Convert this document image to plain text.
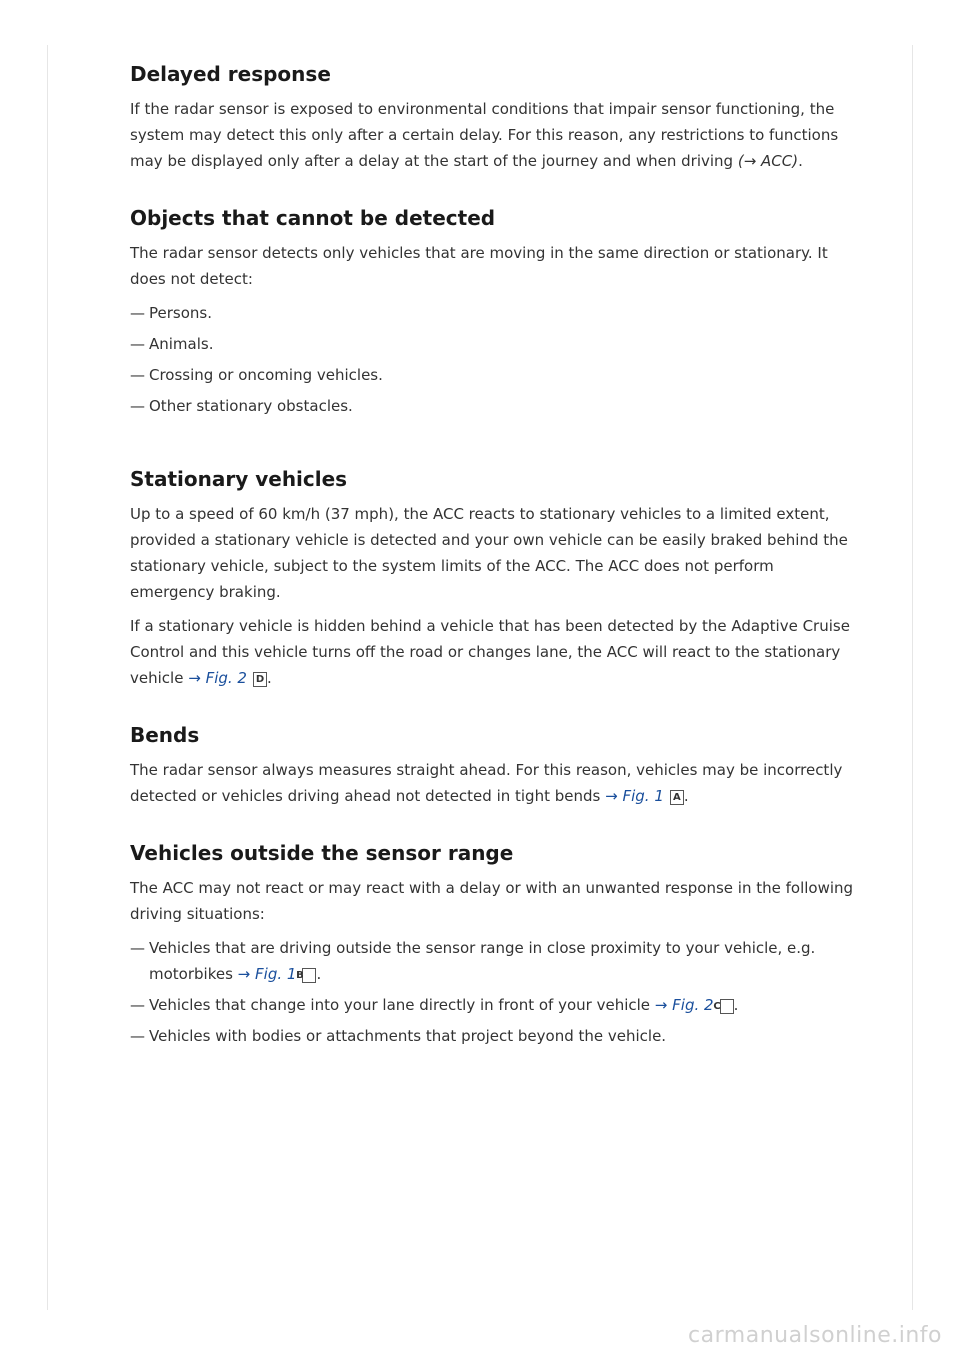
Delayed response

If the radar sensor is exposed to environmental conditions that impair sensor functioning, the system may detect this only after a certain delay. For this reason, any restrictions to functions may be displayed only after a delay at the start of the journey and when driving (→ ACC).

Objects that cannot be detected

The radar sensor detects only vehicles that are moving in the same direction or stationary. It does not detect:

— Persons.
— Animals.
— Crossing or oncoming vehicles.
— Other stationary obstacles.
Stationary vehicles

Up to a speed of 60 km/h (37 mph), the ACC reacts to stationary vehicles to a limited extent, provided a stationary vehicle is detected and your own vehicle can be easily braked behind the stationary vehicle, subject to the system limits of the ACC. The ACC does not perform emergency braking.

If a stationary vehicle is hidden behind a vehicle that has been detected by the Adaptive Cruise Control and this vehicle turns off the road or changes lane, the ACC will react to the stationary vehicle → Fig. 2 D .

Bends

The radar sensor always measures straight ahead. For this reason, vehicles may be incorrectly detected or vehicles driving ahead not detected in tight bends → Fig. 1 A .

Vehicles outside the sensor range

The ACC may not react or may react with a delay or with an unwanted response in the following driving situations:

— Vehicles that are driving outside the sensor range in close proximity to your vehicle, e.g. motorbikes → Fig. 1B .
— Vehicles that change into your lane directly in front of your vehicle → Fig. 2C .
— Vehicles with bodies or attachments that project beyond the vehicle.
carmanualsonline.info
